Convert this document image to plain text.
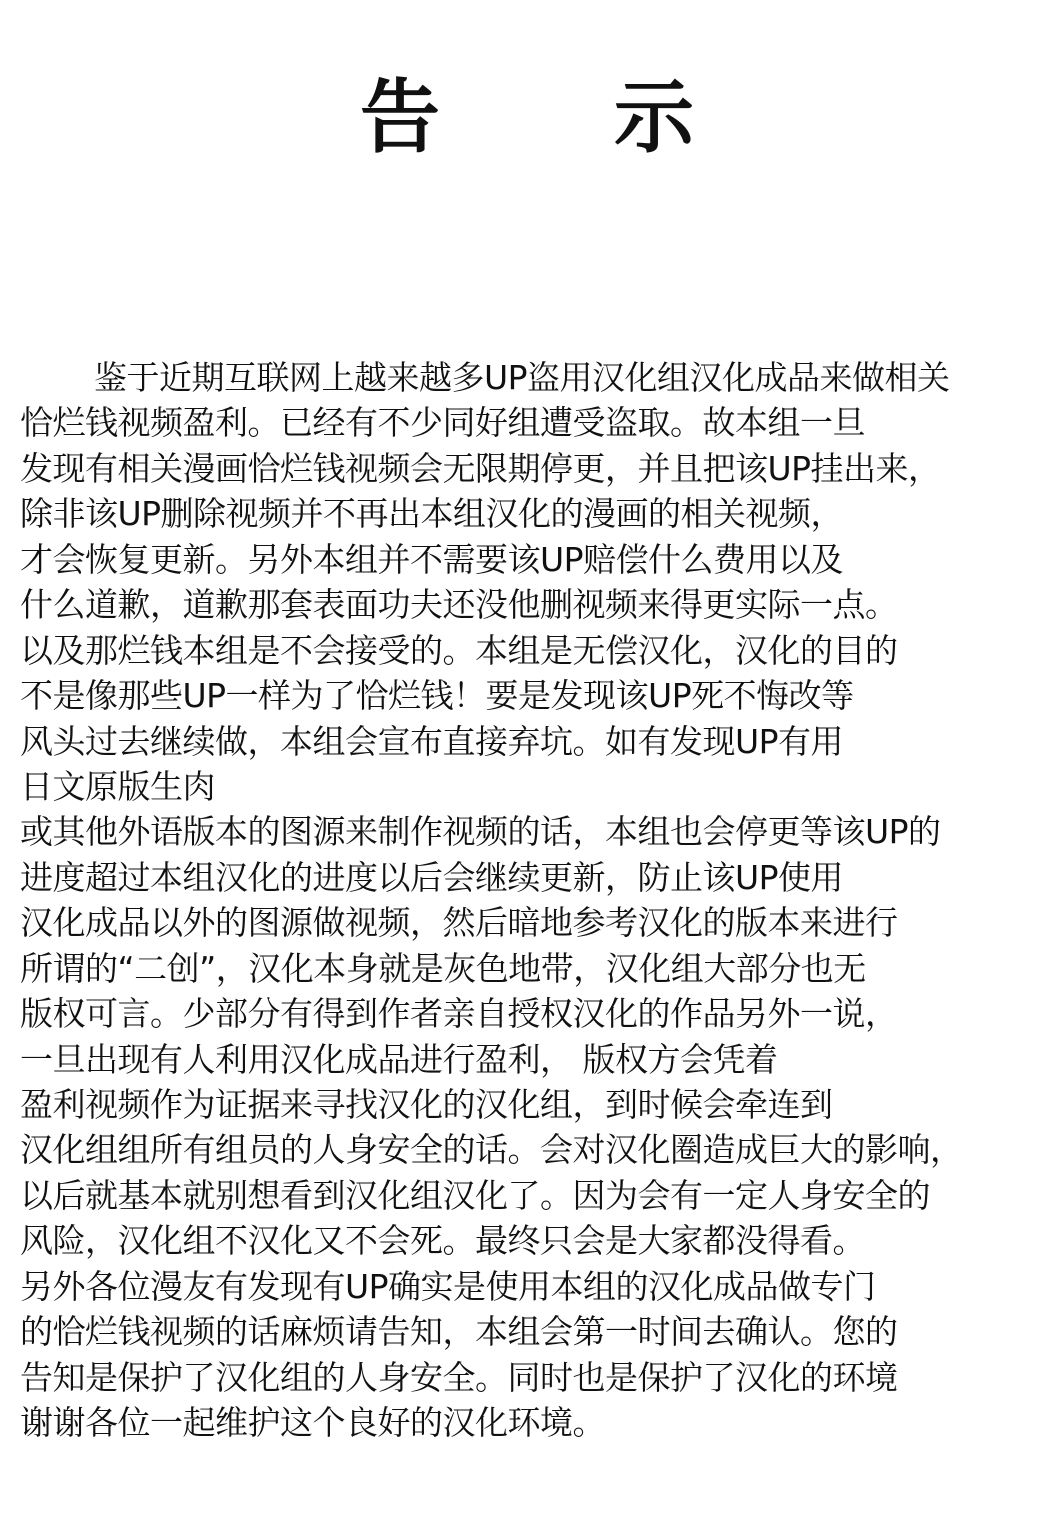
告 示
鉴于近期互联网上越来越多UP盗用汉化组汉化成品来做相关
恰烂钱视频盈利。已经有不少同好组遭受盗取。故本组一旦
发现有相关漫画恰烂钱视频会无限期停更，并且把该UP挂出来，
除非该UP删除视频并不再出本组汉化的漫画的相关视频，
才会恢复更新。另外本组并不需要该UP赔偿什么费用以及
什么道歉，道歉那套表面功夫还没他删视频来得更实际一点。
以及那烂钱本组是不会接受的。本组是无偿汉化，汉化的目的
不是像那些UP一样为了恰烂钱！要是发现该UP死不悔改等
风头过去继续做，本组会宣布直接弃坑。如有发现UP有用
日文原版生肉
或其他外语版本的图源来制作视频的话，本组也会停更等该UP的
进度超过本组汉化的进度以后会继续更新，防止该UP使用
汉化成品以外的图源做视频，然后暗地参考汉化的版本来进行
所谓的“二创”，汉化本身就是灰色地带，汉化组大部分也无
版权可言。少部分有得到作者亲自授权汉化的作品另外一说，
一旦出现有人利用汉化成品进行盈利， 版权方会凭着
盈利视频作为证据来寻找汉化的汉化组，到时候会牵连到
汉化组组所有组员的人身安全的话。会对汉化圈造成巨大的影响，
以后就基本就别想看到汉化组汉化了。因为会有一定人身安全的
风险，汉化组不汉化又不会死。最终只会是大家都没得看。
另外各位漫友有发现有UP确实是使用本组的汉化成品做专门
的恰烂钱视频的话麻烦请告知，本组会第一时间去确认。您的
告知是保护了汉化组的人身安全。同时也是保护了汉化的环境
谢谢各位一起维护这个良好的汉化环境。
